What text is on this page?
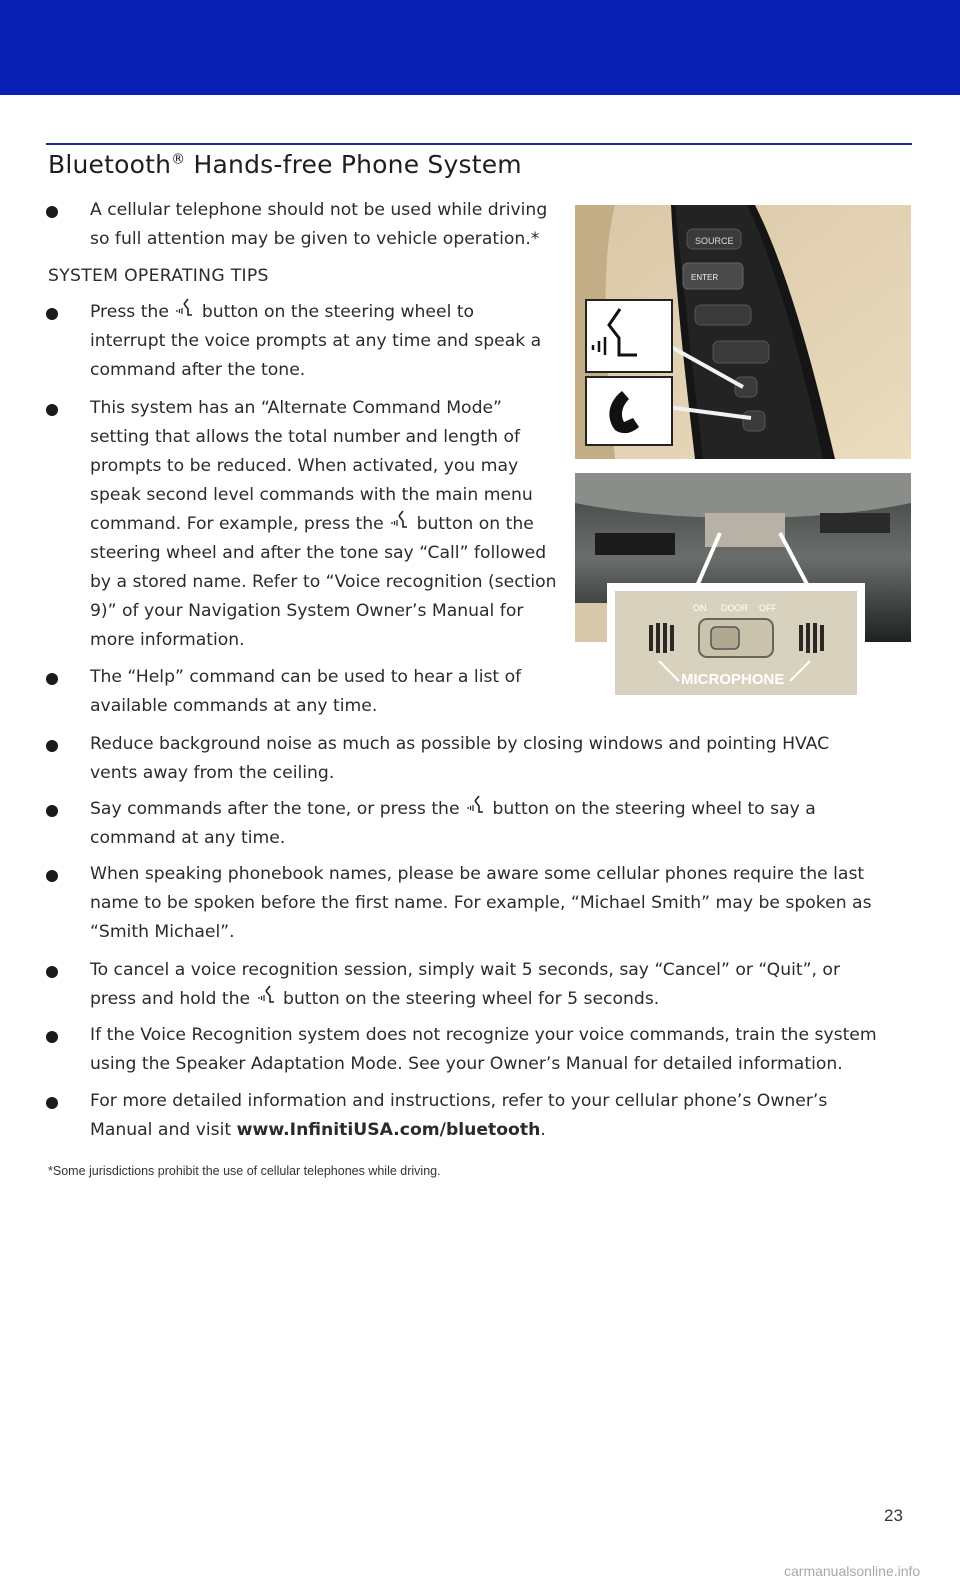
Bluetooth® Hands-free Phone System
A cellular telephone should not be used while driving
so full attention may be given to vehicle operation.*
SYSTEM OPERATING TIPS
Press the  button on the steering wheel to
interrupt the voice prompts at any time and speak a
command after the tone.
This system has an “Alternate Command Mode”
setting that allows the total number and length of
prompts to be reduced. When activated, you may
speak second level commands with the main menu
command. For example, press the  button on the
steering wheel and after the tone say “Call” followed
by a stored name. Refer to “Voice recognition (section
9)” of your Navigation System Owner’s Manual for
more information.
The “Help” command can be used to hear a list of
available commands at any time.
Reduce background noise as much as possible by closing windows and pointing HVAC
vents away from the ceiling.
Say commands after the tone, or press the  button on the steering wheel to say a
command at any time.
When speaking phonebook names, please be aware some cellular phones require the last
name to be spoken before the first name. For example, “Michael Smith” may be spoken as
“Smith Michael”.
To cancel a voice recognition session, simply wait 5 seconds, say “Cancel” or “Quit”, or
press and hold the  button on the steering wheel for 5 seconds.
If the Voice Recognition system does not recognize your voice commands, train the system
using the Speaker Adaptation Mode. See your Owner’s Manual for detailed information.
For more detailed information and instructions, refer to your cellular phone’s Owner’s
Manual and visit www.InfinitiUSA.com/bluetooth.
*Some jurisdictions prohibit the use of cellular telephones while driving.
23
carmanualsonline.info
SOURCE
ENTER
ON DOOR OFF
MICROPHONE
